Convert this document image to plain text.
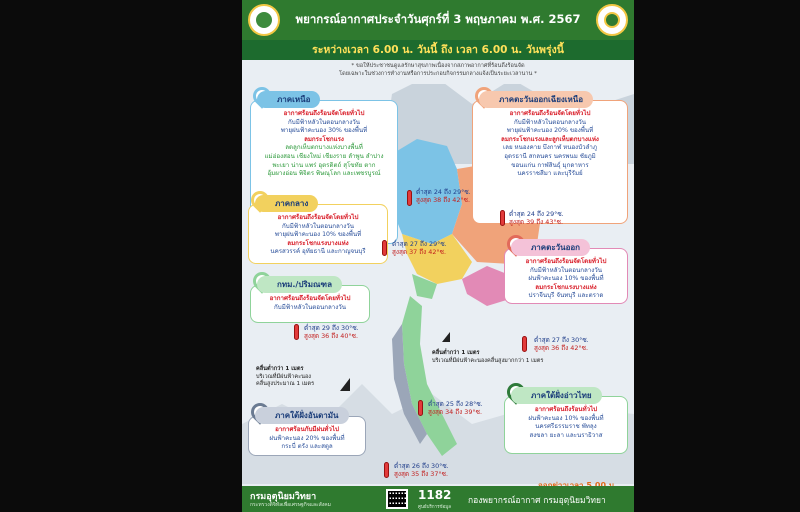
พยากรณ์อากาศประจำวันศุกร์ที่ 3 พฤษภาคม พ.ศ. 2567
ระหว่างเวลา 6.00 น. วันนี้ ถึง เวลา 6.00 น. วันพรุ่งนี้
* ขอให้ประชาชนดูแลรักษาสุขภาพเนื่องจากสภาพอากาศที่ร้อนถึงร้อนจัด
โดยเฉพาะในช่วงการทำงานหรือการประกอบกิจกรรมกลางแจ้งเป็นระยะเวลานาน *
ภาคเหนือ
อากาศร้อนถึงร้อนจัดโดยทั่วไป
กับมีฟ้าหลัวในตอนกลางวัน
พายุฝนฟ้าคะนอง 30% ของพื้นที่
ลมกระโชกแรง
ลดลูกเห็บตกบางแห่งบางพื้นที่
แม่ฮ่องสอน เชียงใหม่ เชียงราย ลำพูน ลำปาง
พะเยา น่าน แพร่ อุตรดิตถ์ สุโขทัย ตาก
อุ้มผางอ่อน พิจิตร พิษณุโลก และเพชรบูรณ์
ภาคตะวันออกเฉียงเหนือ
อากาศร้อนถึงร้อนจัดโดยทั่วไป
กับมีฟ้าหลัวในตอนกลางวัน
พายุฝนฟ้าคะนอง 20% ของพื้นที่
ลมกระโชกแรงและลูกเห็บตกบางแห่ง
เลย หนองคาย บึงกาฬ หนองบัวลำภู
อุดรธานี สกลนคร นครพนม ชัยภูมิ
ขอนแก่น กาฬสินธุ์ มุกดาหาร
นครราชสีมา และบุรีรัมย์
ภาคกลาง
อากาศร้อนถึงร้อนจัดโดยทั่วไป
กับมีฟ้าหลัวในตอนกลางวัน
พายุฝนฟ้าคะนอง 10% ของพื้นที่
ลมกระโชกแรงบางแห่ง
นครสวรรค์ อุทัยธานี และกาญจนบุรี	ภาคตะวันออก
อากาศร้อนถึงร้อนจัดโดยทั่วไป
กับมีฟ้าหลัวในตอนกลางวัน
ฝนฟ้าคะนอง 10% ของพื้นที่
ลมกระโชกแรงบางแห่ง
ปราจีนบุรี จันทบุรี และตราด
กทม./ปริมณฑล
อากาศร้อนถึงร้อนจัดโดยทั่วไป
กับมีฟ้าหลัวในตอนกลางวัน
ภาคใต้ฝั่งอันดามัน
อากาศร้อนกับมีฝนทั่วไป
ฝนฟ้าคะนอง 20% ของพื้นที่
กระบี่ ตรัง และสตูล
ภาคใต้ฝั่งอ่าวไทย
อากาศร้อนถึงร้อนทั่วไป
ฝนฟ้าคะนอง 10% ของพื้นที่
นครศรีธรรมราช พัทลุง
สงขลา ยะลา และนราธิวาส
ต่ำสุด 24 ถึง 29°ซ.
สูงสุด 38 ถึง 42°ซ.
ต่ำสุด 24 ถึง 29°ซ.
สูงสุด 39 ถึง 43°ซ.
ต่ำสุด 27 ถึง 29°ซ.
สูงสุด 37 ถึง 42°ซ.
ต่ำสุด 27 ถึง 30°ซ.
สูงสุด 36 ถึง 42°ซ.
ต่ำสุด 29 ถึง 30°ซ.
สูงสุด 36 ถึง 40°ซ.
ต่ำสุด 25 ถึง 28°ซ.
สูงสุด 34 ถึง 39°ซ.
ต่ำสุด 26 ถึง 30°ซ.
สูงสุด 35 ถึง 37°ซ.
คลื่นต่ำกว่า 1 เมตร
บริเวณที่มีฝนฟ้าคะนอง
คลื่นสูงประมาณ 1 เมตร
คลื่นต่ำกว่า 1 เมตร
บริเวณที่มีฝนฟ้าคะนองคลื่นสูงมากกว่า 1 เมตร
กรมอุตุนิยมวิทยา
กระทรวงดิจิทัลเพื่อเศรษฐกิจและสังคม
1182
ศูนย์บริการข้อมูล
กองพยากรณ์อากาศ กรมอุตุนิยมวิทยา
